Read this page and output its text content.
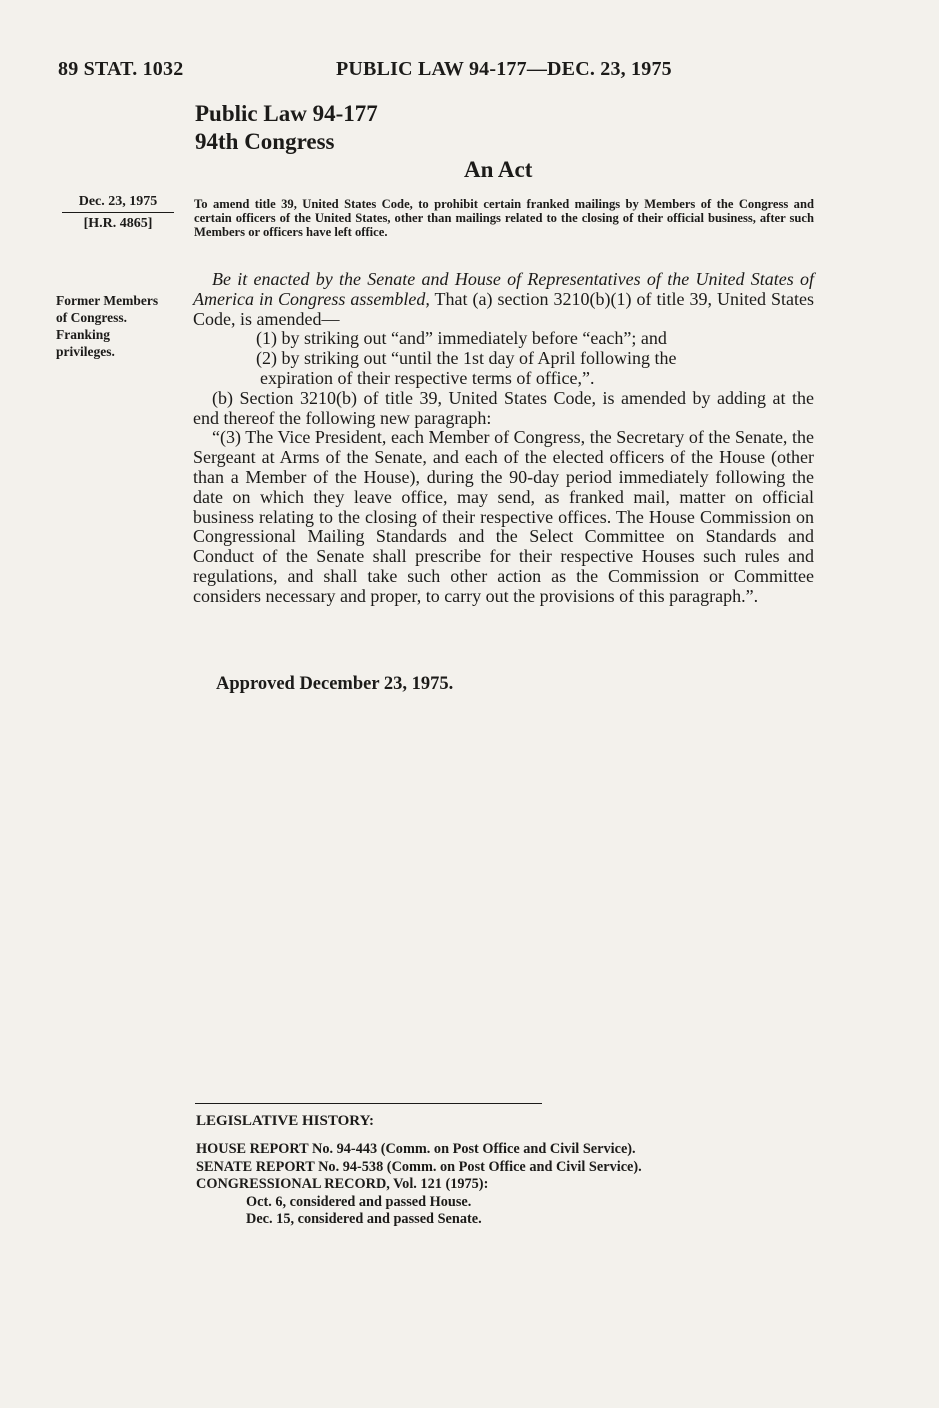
89 STAT. 1032	PUBLIC LAW 94-177—DEC. 23, 1975
Public Law 94-177
94th Congress
An Act
Dec. 23, 1975
[H.R. 4865]
To amend title 39, United States Code, to prohibit certain franked mailings by Members of the Congress and certain officers of the United States, other than mailings related to the closing of their official business, after such Members or officers have left office.
Former Members
of Congress.
Franking
privileges.

Be it enacted by the Senate and House of Representatives of the United States of America in Congress assembled, That (a) section 3210(b)(1) of title 39, United States Code, is amended—

(1) by striking out “and” immediately before “each”; and

(2) by striking out “until the 1st day of April following the

expiration of their respective terms of office,”.

(b) Section 3210(b) of title 39, United States Code, is amended by adding at the end thereof the following new paragraph:

“(3) The Vice President, each Member of Congress, the Secretary of the Senate, the Sergeant at Arms of the Senate, and each of the elected officers of the House (other than a Member of the House), during the 90-day period immediately following the date on which they leave office, may send, as franked mail, matter on official business relating to the closing of their respective offices. The House Commission on Congressional Mailing Standards and the Select Committee on Standards and Conduct of the Senate shall prescribe for their respective Houses such rules and regulations, and shall take such other action as the Commission or Committee considers necessary and proper, to carry out the provisions of this paragraph.”.

Approved December 23, 1975.
LEGISLATIVE HISTORY:
HOUSE REPORT No. 94-443 (Comm. on Post Office and Civil Service).
SENATE REPORT No. 94-538 (Comm. on Post Office and Civil Service).
CONGRESSIONAL RECORD, Vol. 121 (1975):
Oct. 6, considered and passed House.
Dec. 15, considered and passed Senate.
